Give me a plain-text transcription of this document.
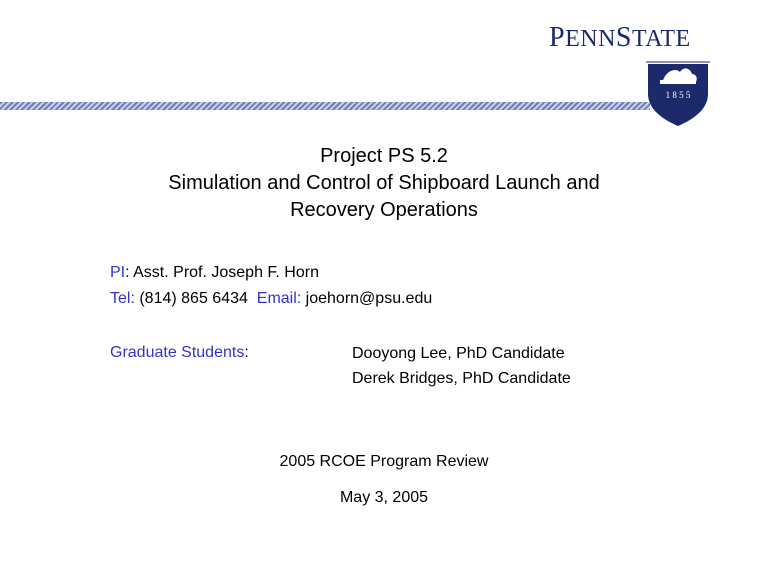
PENNSTATE
1 8 5 5
Project PS 5.2
Simulation and Control of Shipboard Launch and
Recovery Operations
PI: Asst. Prof. Joseph F. Horn
Tel: (814) 865 6434  Email: joehorn@psu.edu
Graduate Students:	Dooyong Lee, PhD Candidate
Derek Bridges, PhD Candidate
2005 RCOE Program Review
May 3, 2005
